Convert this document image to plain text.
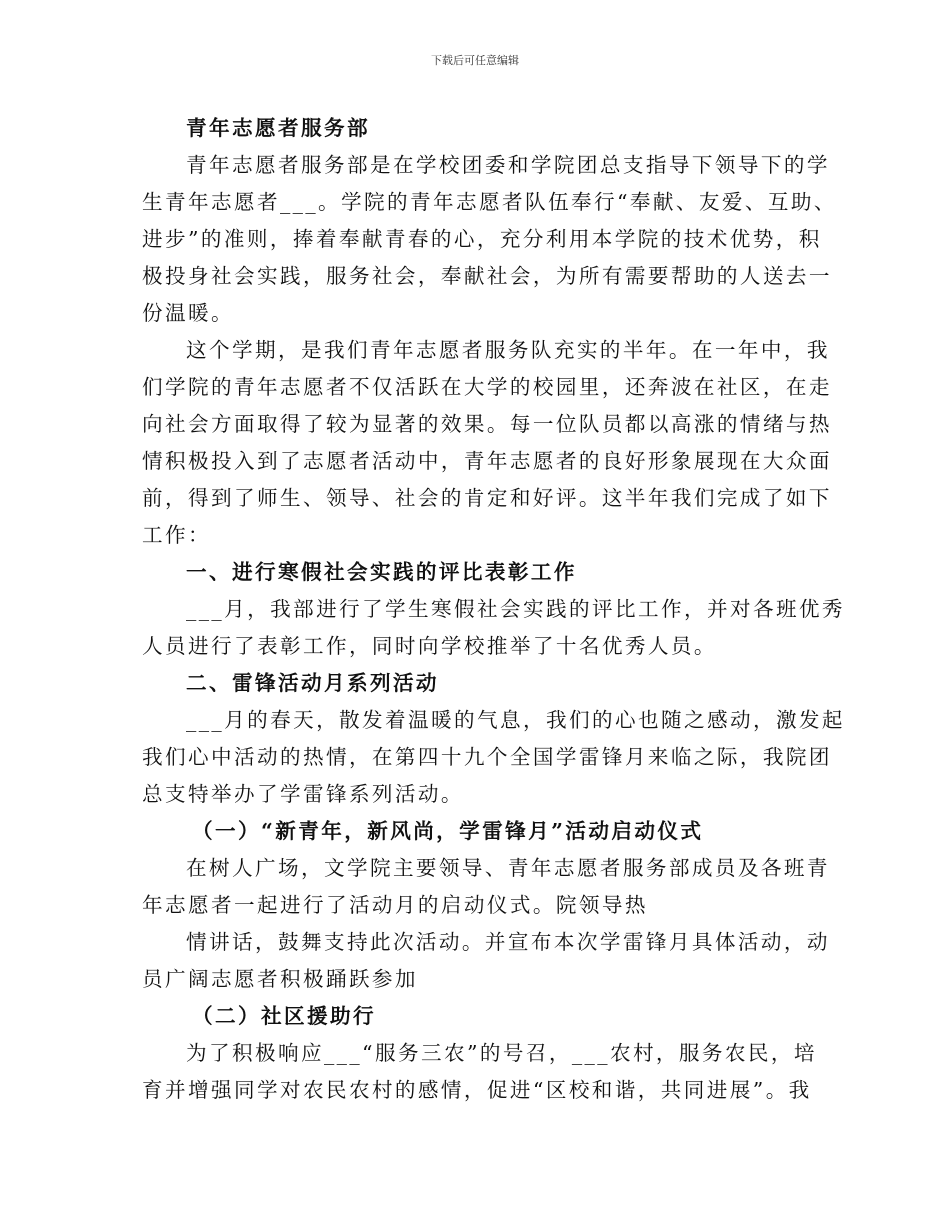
下载后可任意编辑
青年志愿者服务部
青年志愿者服务部是在学校团委和学院团总支指导下领导下的学
生青年志愿者___。学院的青年志愿者队伍奉行“奉献、友爱、互助、
进步”的准则，捧着奉献青春的心，充分利用本学院的技术优势，积
极投身社会实践，服务社会，奉献社会，为所有需要帮助的人送去一
份温暖。
这个学期，是我们青年志愿者服务队充实的半年。在一年中，我
们学院的青年志愿者不仅活跃在大学的校园里，还奔波在社区，在走
向社会方面取得了较为显著的效果。每一位队员都以高涨的情绪与热
情积极投入到了志愿者活动中，青年志愿者的良好形象展现在大众面
前，得到了师生、领导、社会的肯定和好评。这半年我们完成了如下
工作：
一、进行寒假社会实践的评比表彰工作
___月，我部进行了学生寒假社会实践的评比工作，并对各班优秀
人员进行了表彰工作，同时向学校推举了十名优秀人员。
二、雷锋活动月系列活动
___月的春天，散发着温暖的气息，我们的心也随之感动，激发起
我们心中活动的热情，在第四十九个全国学雷锋月来临之际，我院团
总支特举办了学雷锋系列活动。
（一）“新青年，新风尚，学雷锋月”活动启动仪式
在树人广场，文学院主要领导、青年志愿者服务部成员及各班青
年志愿者一起进行了活动月的启动仪式。院领导热
情讲话，鼓舞支持此次活动。并宣布本次学雷锋月具体活动，动
员广阔志愿者积极踊跃参加
（二）社区援助行
为了积极响应___“服务三农”的号召，___农村，服务农民，培
育并增强同学对农民农村的感情，促进“区校和谐，共同进展”。我
